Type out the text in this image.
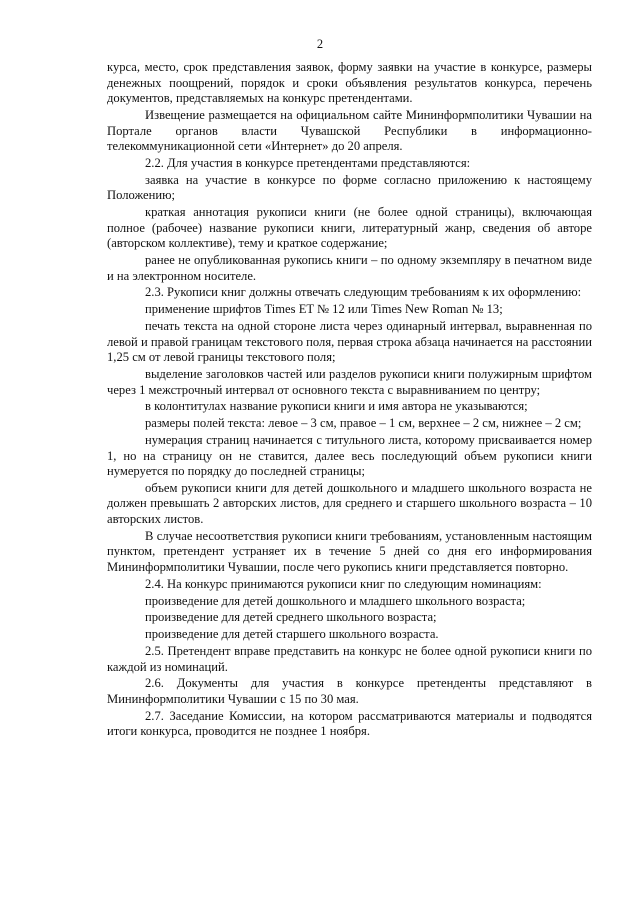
2

курса, место, срок представления заявок, форму заявки на участие в конкурсе, размеры денежных поощрений, порядок и сроки объявления результатов конкурса, перечень документов, представляемых на конкурс претендентами.

Извещение размещается на официальном сайте Мининформполитики Чувашии на Портале органов власти Чувашской Республики в информационно-телекоммуникационной сети «Интернет» до 20 апреля.

2.2. Для участия в конкурсе претендентами представляются:

заявка на участие в конкурсе по форме согласно приложению к настоящему Положению;

краткая аннотация рукописи книги (не более одной страницы), включающая полное (рабочее) название рукописи книги, литературный жанр, сведения об авторе (авторском коллективе), тему и краткое содержание;

ранее не опубликованная рукопись книги – по одному экземпляру в печатном виде и на электронном носителе.

2.3. Рукописи книг должны отвечать следующим требованиям к их оформлению:

применение шрифтов Times ET № 12 или Times New Roman № 13;

печать текста на одной стороне листа через одинарный интервал, выравненная по левой и правой границам текстового поля, первая строка абзаца начинается на расстоянии 1,25 см от левой границы текстового поля;

выделение заголовков частей или разделов рукописи книги полужирным шрифтом через 1 межстрочный интервал от основного текста с выравниванием по центру;

в колонтитулах название рукописи книги и имя автора не указываются;

размеры полей текста: левое – 3 см, правое – 1 см, верхнее – 2 см, нижнее – 2 см;

нумерация страниц начинается с титульного листа, которому присваивается номер 1, но на страницу он не ставится, далее весь последующий объем рукописи книги нумеруется по порядку до последней страницы;

объем рукописи книги для детей дошкольного и младшего школьного возраста не должен превышать 2 авторских листов, для среднего и старшего школьного возраста – 10 авторских листов.

В случае несоответствия рукописи книги требованиям, установленным настоящим пунктом, претендент устраняет их в течение 5 дней со дня его информирования Мининформполитики Чувашии, после чего рукопись книги представляется повторно.

2.4. На конкурс принимаются рукописи книг по следующим номинациям:

произведение для детей дошкольного и младшего школьного возраста;

произведение для детей среднего школьного возраста;

произведение для детей старшего школьного возраста.

2.5. Претендент вправе представить на конкурс не более одной рукописи книги по каждой из номинаций.

2.6. Документы для участия в конкурсе претенденты представляют в Мининформполитики Чувашии с 15 по 30 мая.

2.7. Заседание Комиссии, на котором рассматриваются материалы и подводятся итоги конкурса, проводится не позднее 1 ноября.
